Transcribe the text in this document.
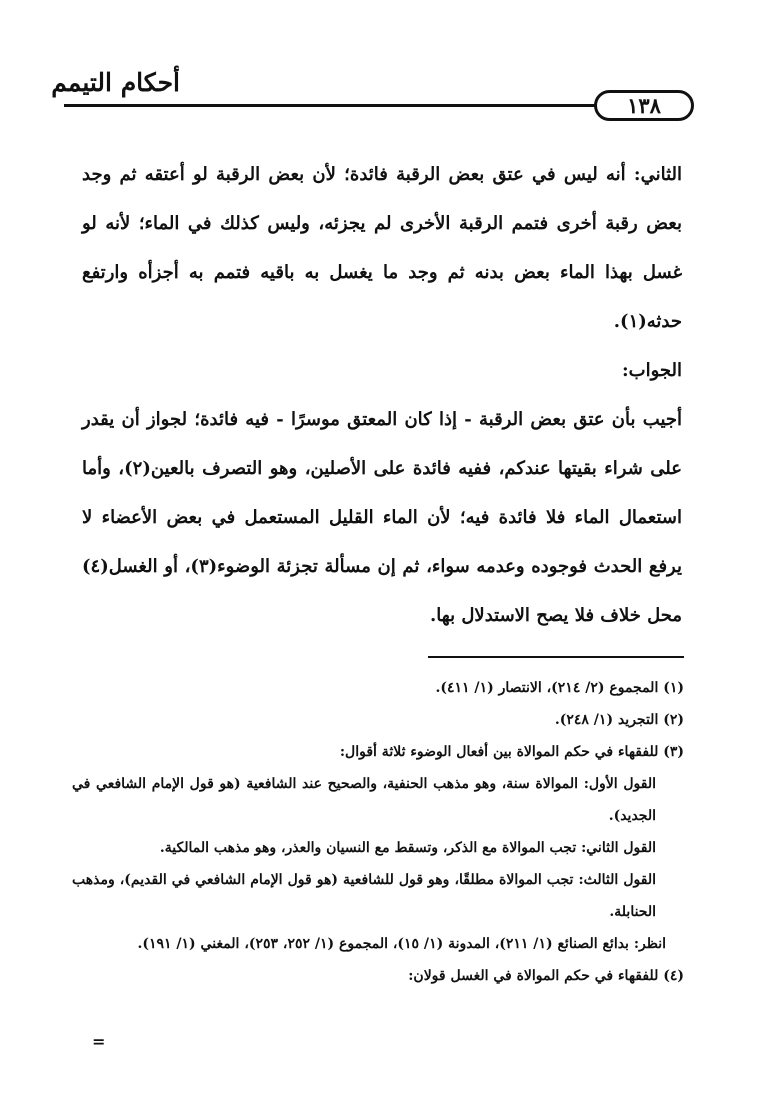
أحكام التيمم
١٣٨

الثاني: أنه ليس في عتق بعض الرقبة فائدة؛ لأن بعض الرقبة لو أعتقه ثم وجد بعض رقبة أخرى فتمم الرقبة الأخرى لم يجزئه، وليس كذلك في الماء؛ لأنه لو غسل بهذا الماء بعض بدنه ثم وجد ما يغسل به باقيه فتمم به أجزأه وارتفع حدثه(١).

الجواب:

أجيب بأن عتق بعض الرقبة - إذا كان المعتق موسرًا - فيه فائدة؛ لجواز أن يقدر على شراء بقيتها عندكم، ففيه فائدة على الأصلين، وهو التصرف بالعين(٢)، وأما استعمال الماء فلا فائدة فيه؛ لأن الماء القليل المستعمل في بعض الأعضاء لا يرفع الحدث فوجوده وعدمه سواء، ثم إن مسألة تجزئة الوضوء(٣)، أو الغسل(٤) محل خلاف فلا يصح الاستدلال بها.

(١) المجموع (٢/ ٢١٤)، الانتصار (١/ ٤١١).

(٢) التجريد (١/ ٢٤٨).

(٣) للفقهاء في حكم الموالاة بين أفعال الوضوء ثلاثة أقوال:

القول الأول: الموالاة سنة، وهو مذهب الحنفية، والصحيح عند الشافعية (هو قول الإمام الشافعي في الجديد).

القول الثاني: تجب الموالاة مع الذكر، وتسقط مع النسيان والعذر، وهو مذهب المالكية.

القول الثالث: تجب الموالاة مطلقًا، وهو قول للشافعية (هو قول الإمام الشافعي في القديم)، ومذهب الحنابلة.

انظر: بدائع الصنائع (١/ ٢١١)، المدونة (١/ ١٥)، المجموع (١/ ٢٥٢، ٢٥٣)، المغني (١/ ١٩١).

(٤) للفقهاء في حكم الموالاة في الغسل قولان:

=
